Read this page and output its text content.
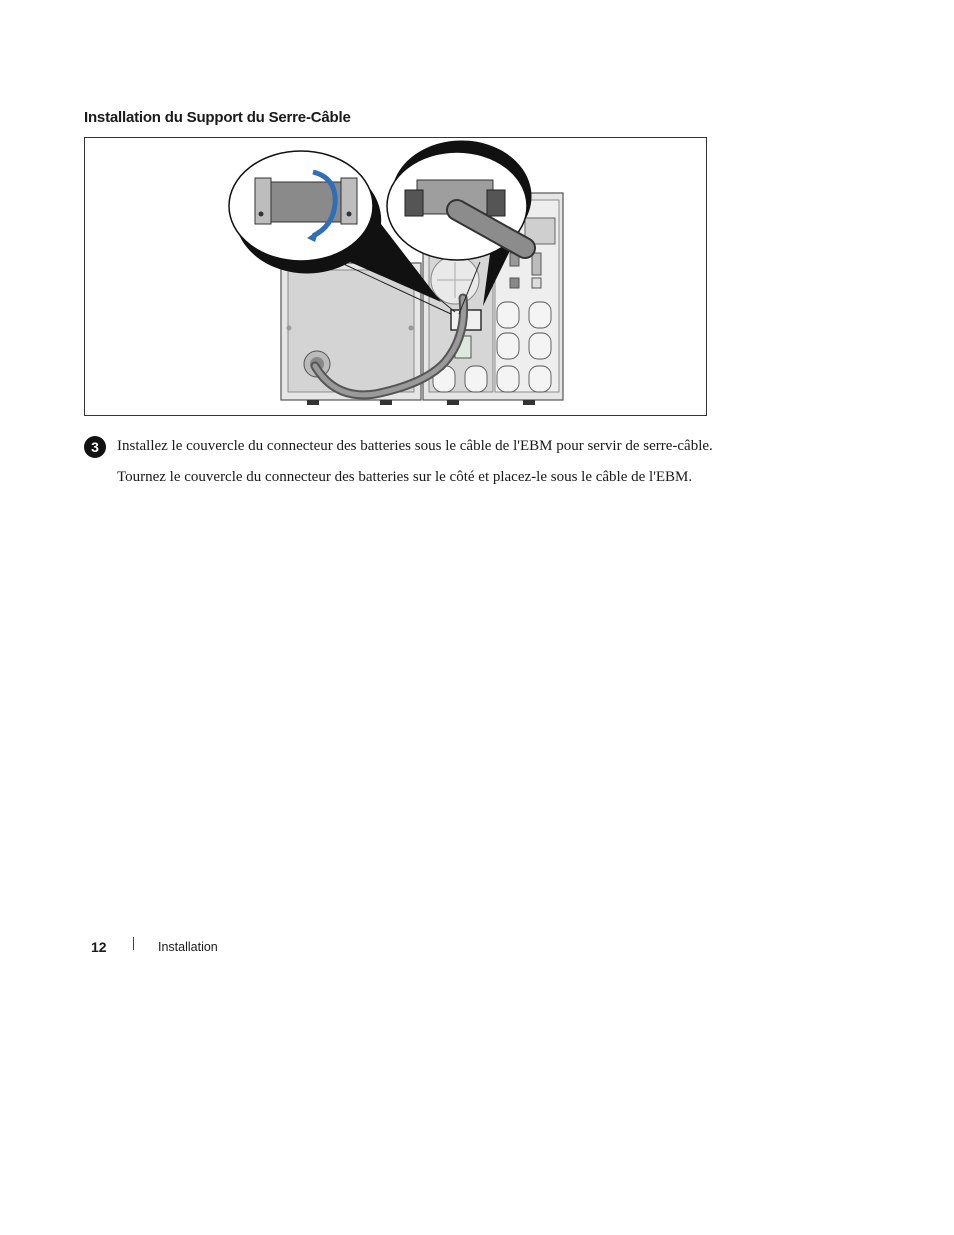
Installation du Support du Serre-Câble
3	Installez le couvercle du connecteur des batteries sous le câble de l'EBM pour servir de serre-câble.
Tournez le couvercle du connecteur des batteries sur le côté et placez-le sous le câble de l'EBM.
12	Installation
